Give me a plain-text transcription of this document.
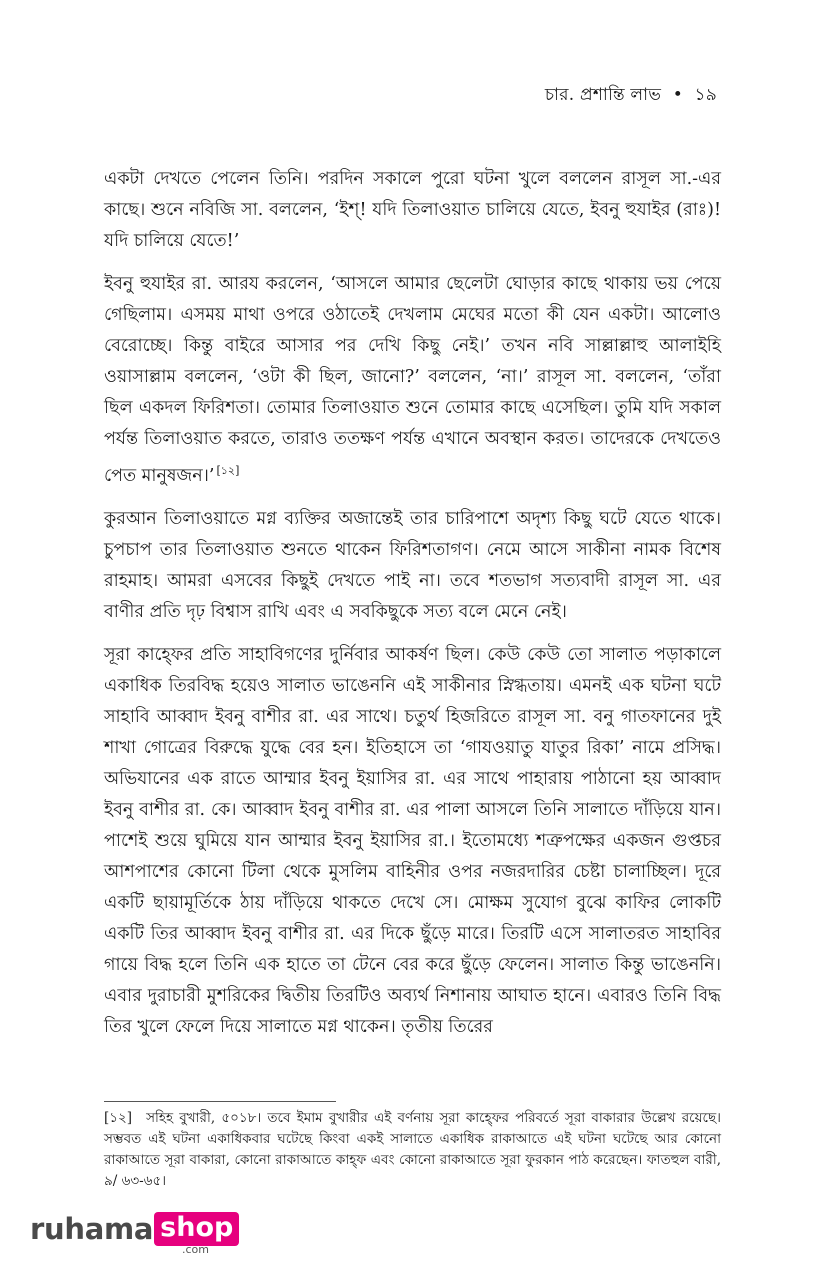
চার. প্রশান্তি লাভ • ১৯

একটা দেখতে পেলেন তিনি। পরদিন সকালে পুরো ঘটনা খুলে বললেন রাসূল সা.-এর কাছে। শুনে নবিজি সা. বললেন, ‘ইশ্! যদি তিলাওয়াত চালিয়ে যেতে, ইবনু হুযাইর (রাঃ)! যদি চালিয়ে যেতে!’

ইবনু হুযাইর রা. আরয করলেন, ‘আসলে আমার ছেলেটা ঘোড়ার কাছে থাকায় ভয় পেয়ে গেছিলাম। এসময় মাথা ওপরে ওঠাতেই দেখলাম মেঘের মতো কী যেন একটা। আলোও বেরোচ্ছে। কিন্তু বাইরে আসার পর দেখি কিছু নেই।’ তখন নবি সাল্লাল্লাহু আলাইহি ওয়াসাল্লাম বললেন, ‘ওটা কী ছিল, জানো?’ বললেন, ‘না।’ রাসূল সা. বললেন, ‘তাঁরা ছিল একদল ফিরিশতা। তোমার তিলাওয়াত শুনে তোমার কাছে এসেছিল। তুমি যদি সকাল পর্যন্ত তিলাওয়াত করতে, তারাও ততক্ষণ পর্যন্ত এখানে অবস্থান করত। তাদেরকে দেখতেও পেত মানুষজন।’ [১২]

কুরআন তিলাওয়াতে মগ্ন ব্যক্তির অজান্তেই তার চারিপাশে অদৃশ্য কিছু ঘটে যেতে থাকে। চুপচাপ তার তিলাওয়াত শুনতে থাকেন ফিরিশতাগণ। নেমে আসে সাকীনা নামক বিশেষ রাহমাহ। আমরা এসবের কিছুই দেখতে পাই না। তবে শতভাগ সত্যবাদী রাসূল সা. এর বাণীর প্রতি দৃঢ় বিশ্বাস রাখি এবং এ সবকিছুকে সত্য বলে মেনে নেই।

সূরা কাহ্ফের প্রতি সাহাবিগণের দুর্নিবার আকর্ষণ ছিল। কেউ কেউ তো সালাত পড়াকালে একাধিক তিরবিদ্ধ হয়েও সালাত ভাঙেননি এই সাকীনার স্নিগ্ধতায়। এমনই এক ঘটনা ঘটে সাহাবি আব্বাদ ইবনু বাশীর রা. এর সাথে। চতুর্থ হিজরিতে রাসূল সা. বনু গাতফানের দুই শাখা গোত্রের বিরুদ্ধে যুদ্ধে বের হন। ইতিহাসে তা ‘গাযওয়াতু যাতুর রিকা’ নামে প্রসিদ্ধ। অভিযানের এক রাতে আম্মার ইবনু ইয়াসির রা. এর সাথে পাহারায় পাঠানো হয় আব্বাদ ইবনু বাশীর রা. কে। আব্বাদ ইবনু বাশীর রা. এর পালা আসলে তিনি সালাতে দাঁড়িয়ে যান। পাশেই শুয়ে ঘুমিয়ে যান আম্মার ইবনু ইয়াসির রা.। ইতোমধ্যে শত্রুপক্ষের একজন গুপ্তচর আশপাশের কোনো টিলা থেকে মুসলিম বাহিনীর ওপর নজরদারির চেষ্টা চালাচ্ছিল। দূরে একটি ছায়ামূর্তিকে ঠায় দাঁড়িয়ে থাকতে দেখে সে। মোক্ষম সুযোগ বুঝে কাফির লোকটি একটি তির আব্বাদ ইবনু বাশীর রা. এর দিকে ছুঁড়ে মারে। তিরটি এসে সালাতরত সাহাবির গায়ে বিদ্ধ হলে তিনি এক হাতে তা টেনে বের করে ছুঁড়ে ফেলেন। সালাত কিন্তু ভাঙেননি। এবার দুরাচারী মুশরিকের দ্বিতীয় তিরটিও অব্যর্থ নিশানায় আঘাত হানে। এবারও তিনি বিদ্ধ তির খুলে ফেলে দিয়ে সালাতে মগ্ন থাকেন। তৃতীয় তিরের

[১২] সহিহ বুখারী, ৫০১৮। তবে ইমাম বুখারীর এই বর্ণনায় সূরা কাহ্ফের পরিবর্তে সূরা বাকারার উল্লেখ রয়েছে। সম্ভবত এই ঘটনা একাধিকবার ঘটেছে কিংবা একই সালাতে একাধিক রাকাআতে এই ঘটনা ঘটেছে আর কোনো রাকাআতে সূরা বাকারা, কোনো রাকাআতে কাহ্ফ এবং কোনো রাকাআতে সূরা ফুরকান পাঠ করেছেন। ফাতহুল বারী, ৯/ ৬৩-৬৫।
ruhama shop
.com
